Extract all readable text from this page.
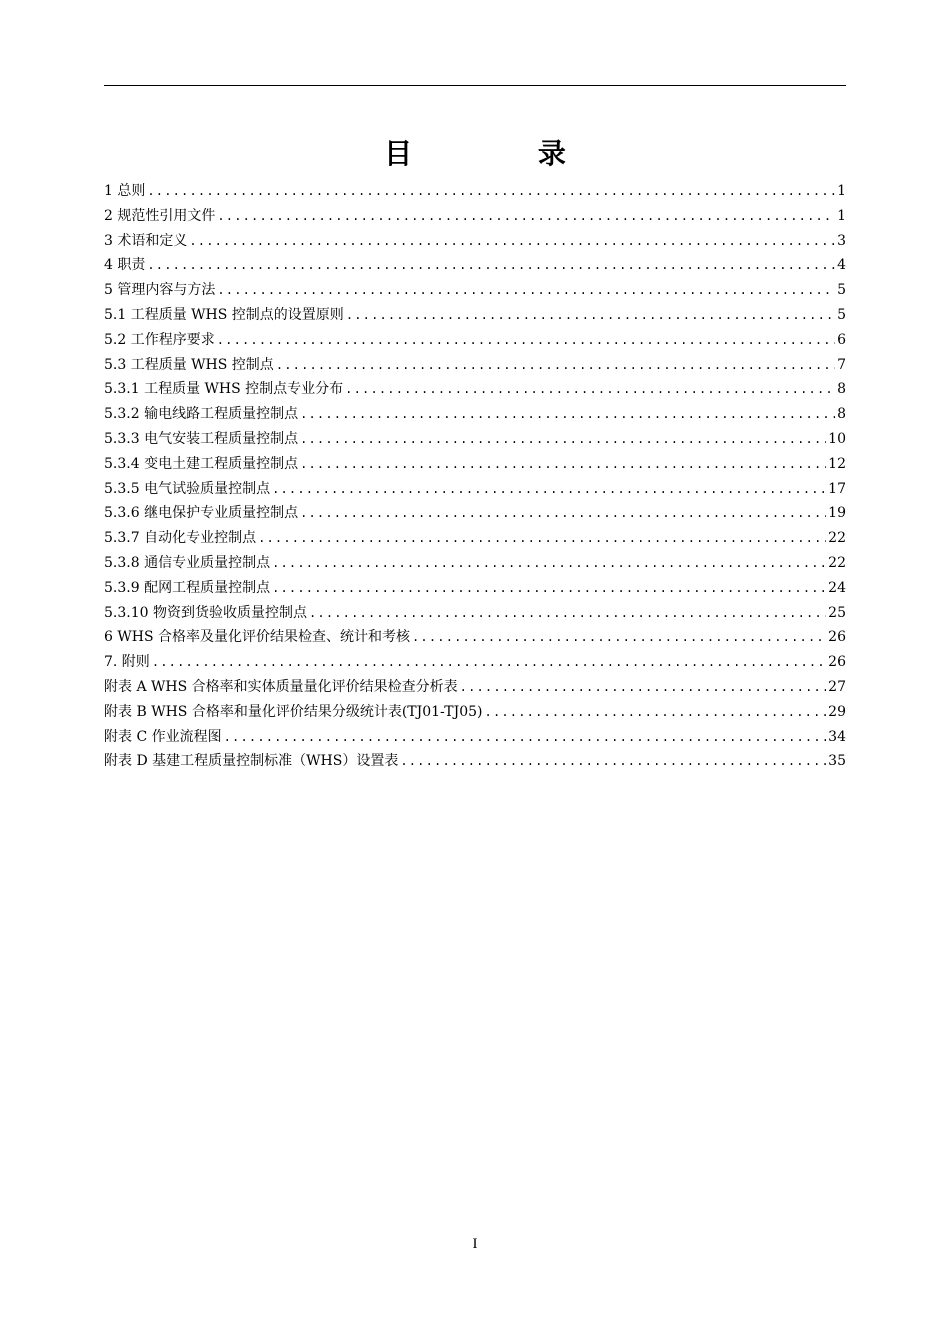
目 录
1 总则 .....	1
2 规范性引用文件 .....	1
3 术语和定义 .....	3
4 职责 .....	4
5 管理内容与方法 .....	5
5.1 工程质量 WHS 控制点的设置原则 .....	5
5.2 工作程序要求 .....	6
5.3 工程质量 WHS 控制点 .....	7
5.3.1 工程质量 WHS 控制点专业分布 .....	8
5.3.2 输电线路工程质量控制点 .....	8
5.3.3 电气安装工程质量控制点 .....	10
5.3.4 变电土建工程质量控制点 .....	12
5.3.5 电气试验质量控制点 .....	17
5.3.6 继电保护专业质量控制点 .....	19
5.3.7 自动化专业控制点 .....	22
5.3.8 通信专业质量控制点 .....	22
5.3.9 配网工程质量控制点 .....	24
5.3.10 物资到货验收质量控制点 .....	25
6 WHS 合格率及量化评价结果检查、统计和考核 .....	26
7. 附则 .....	26
附表 A WHS 合格率和实体质量量化评价结果检查分析表 .....	27
附表 B WHS 合格率和量化评价结果分级统计表(TJ01-TJ05) .....	29
附表 C 作业流程图 .....	34
附表 D 基建工程质量控制标准（WHS）设置表 .....	35
I
